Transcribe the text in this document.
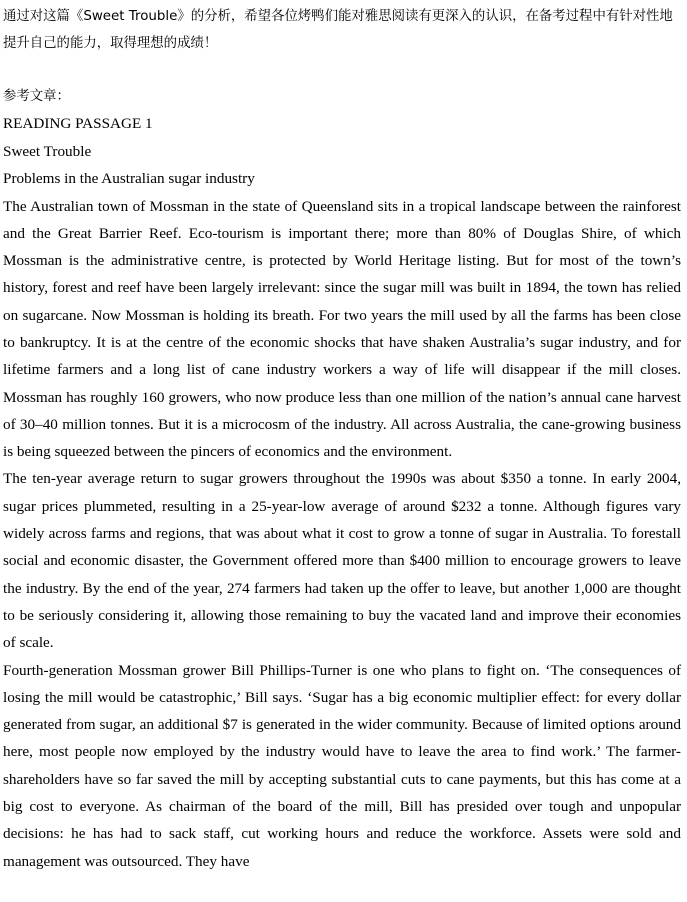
通过对这篇《Sweet Trouble》的分析，希望各位烤鸭们能对雅思阅读有更深入的认识，在备考过程中有针对性地提升自己的能力，取得理想的成绩！

参考文章：

READING PASSAGE 1

Sweet Trouble

Problems in the Australian sugar industry

The Australian town of Mossman in the state of Queensland sits in a tropical landscape between the rainforest and the Great Barrier Reef. Eco-tourism is important there; more than 80% of Douglas Shire, of which Mossman is the administrative centre, is protected by World Heritage listing. But for most of the town’s history, forest and reef have been largely irrelevant: since the sugar mill was built in 1894, the town has relied on sugarcane. Now Mossman is holding its breath. For two years the mill used by all the farms has been close to bankruptcy. It is at the centre of the economic shocks that have shaken Australia’s sugar industry, and for lifetime farmers and a long list of cane industry workers a way of life will disappear if the mill closes. Mossman has roughly 160 growers, who now produce less than one million of the nation’s annual cane harvest of 30–40 million tonnes. But it is a microcosm of the industry. All across Australia, the cane-growing business is being squeezed between the pincers of economics and the environment.

The ten-year average return to sugar growers throughout the 1990s was about $350 a tonne. In early 2004, sugar prices plummeted, resulting in a 25-year-low average of around $232 a tonne. Although figures vary widely across farms and regions, that was about what it cost to grow a tonne of sugar in Australia. To forestall social and economic disaster, the Government offered more than $400 million to encourage growers to leave the industry. By the end of the year, 274 farmers had taken up the offer to leave, but another 1,000 are thought to be seriously considering it, allowing those remaining to buy the vacated land and improve their economies of scale.

Fourth-generation Mossman grower Bill Phillips-Turner is one who plans to fight on. ‘The consequences of losing the mill would be catastrophic,’ Bill says. ‘Sugar has a big economic multiplier effect: for every dollar generated from sugar, an additional $7 is generated in the wider community. Because of limited options around here, most people now employed by the industry would have to leave the area to find work.’ The farmer-shareholders have so far saved the mill by accepting substantial cuts to cane payments, but this has come at a big cost to everyone. As chairman of the board of the mill, Bill has presided over tough and unpopular decisions: he has had to sack staff, cut working hours and reduce the workforce. Assets were sold and management was outsourced. They have
